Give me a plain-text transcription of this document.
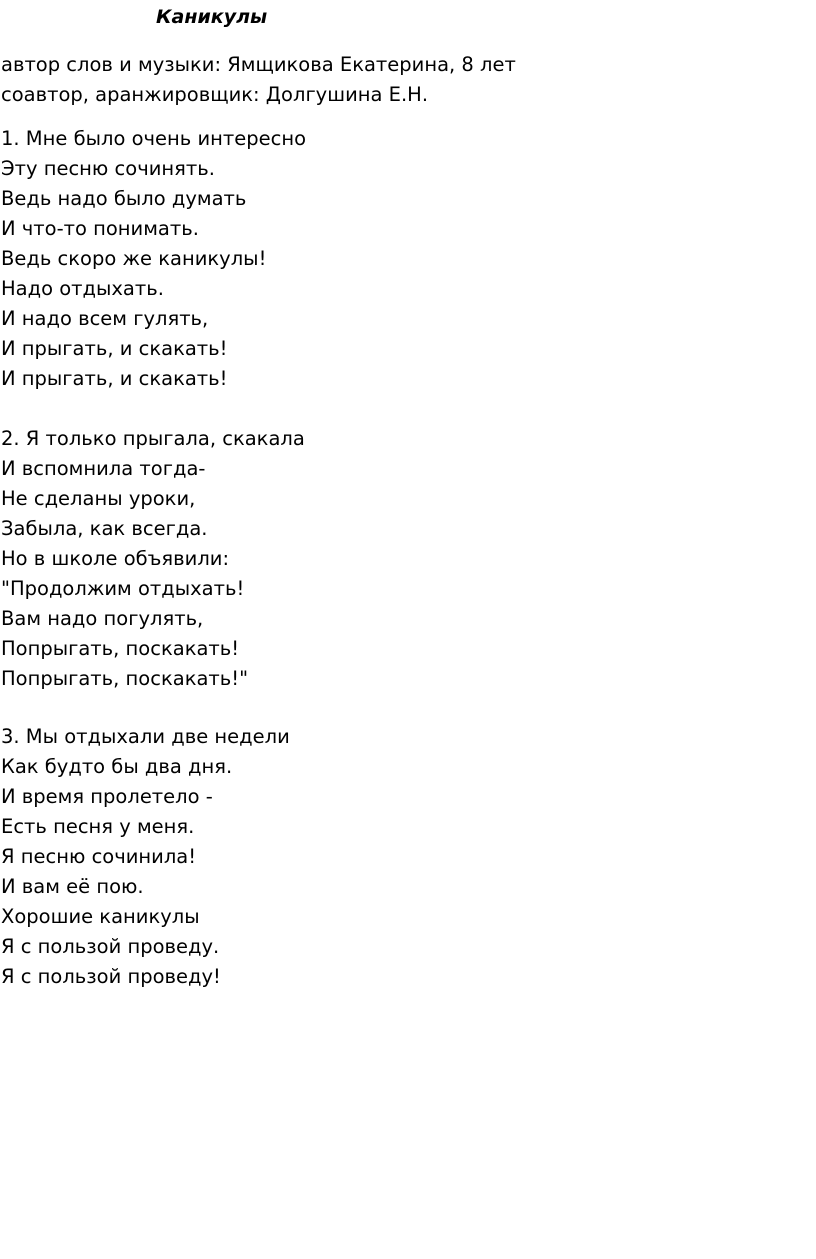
Каникулы
автор слов и музыки: Ямщикова Екатерина, 8 лет
соавтор, аранжировщик: Долгушина Е.Н.
1. Мне было очень интересно
Эту песню сочинять.
Ведь надо было думать
И что-то понимать.
Ведь скоро же каникулы!
Надо отдыхать.
И надо всем гулять,
И прыгать, и скакать!
И прыгать, и скакать!
2. Я только прыгала, скакала
И вспомнила тогда-
Не сделаны уроки,
Забыла, как всегда.
Но в школе объявили:
"Продолжим отдыхать!
Вам надо погулять,
Попрыгать, поскакать!
Попрыгать, поскакать!"
3. Мы отдыхали две недели
Как будто бы два дня.
И время пролетело -
Есть песня у меня.
Я песню сочинила!
И вам её пою.
Хорошие каникулы
Я с пользой проведу.
Я с пользой проведу!
